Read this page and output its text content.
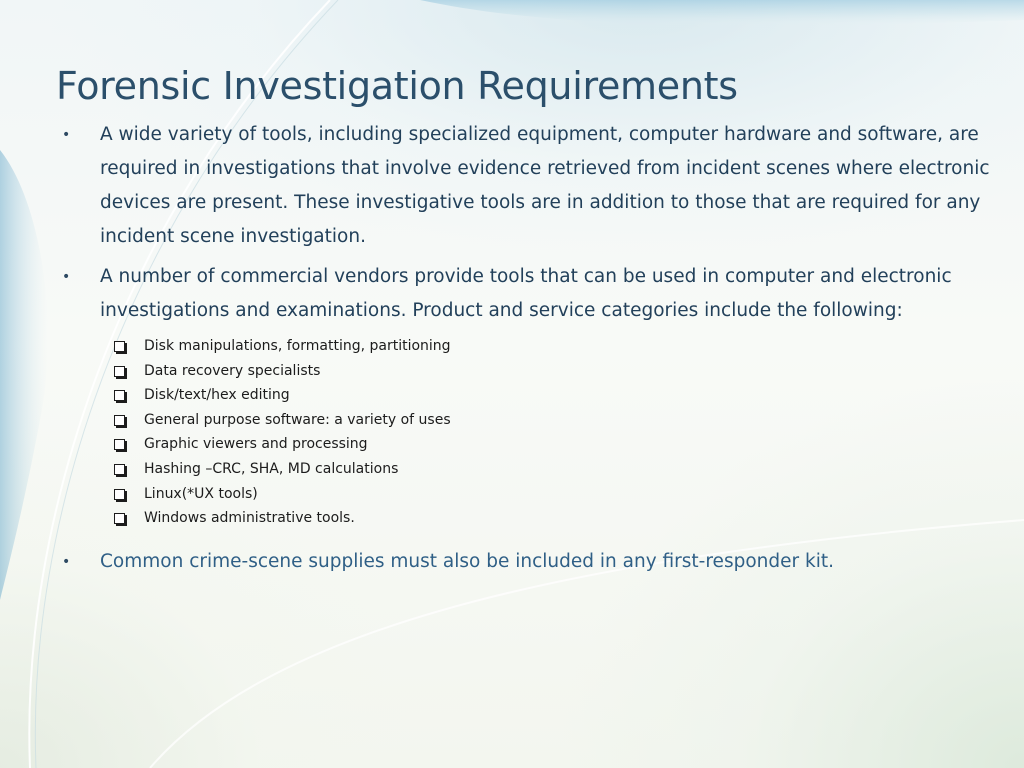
Forensic Investigation Requirements
•	A wide variety of tools, including specialized equipment, computer hardware and software, are required in investigations that involve evidence retrieved from incident scenes where electronic devices are present. These investigative tools are in addition to those that are required for any incident scene investigation.
•	A number of commercial vendors provide tools that can be used in computer and electronic investigations and examinations. Product and service categories include the following:
Disk manipulations, formatting, partitioning
Data recovery specialists
Disk/text/hex editing
General purpose software: a variety of uses
Graphic viewers and processing
Hashing –CRC, SHA, MD calculations
Linux(*UX tools)
Windows administrative tools.
•	Common crime-scene supplies must also be included in any first-responder kit.
